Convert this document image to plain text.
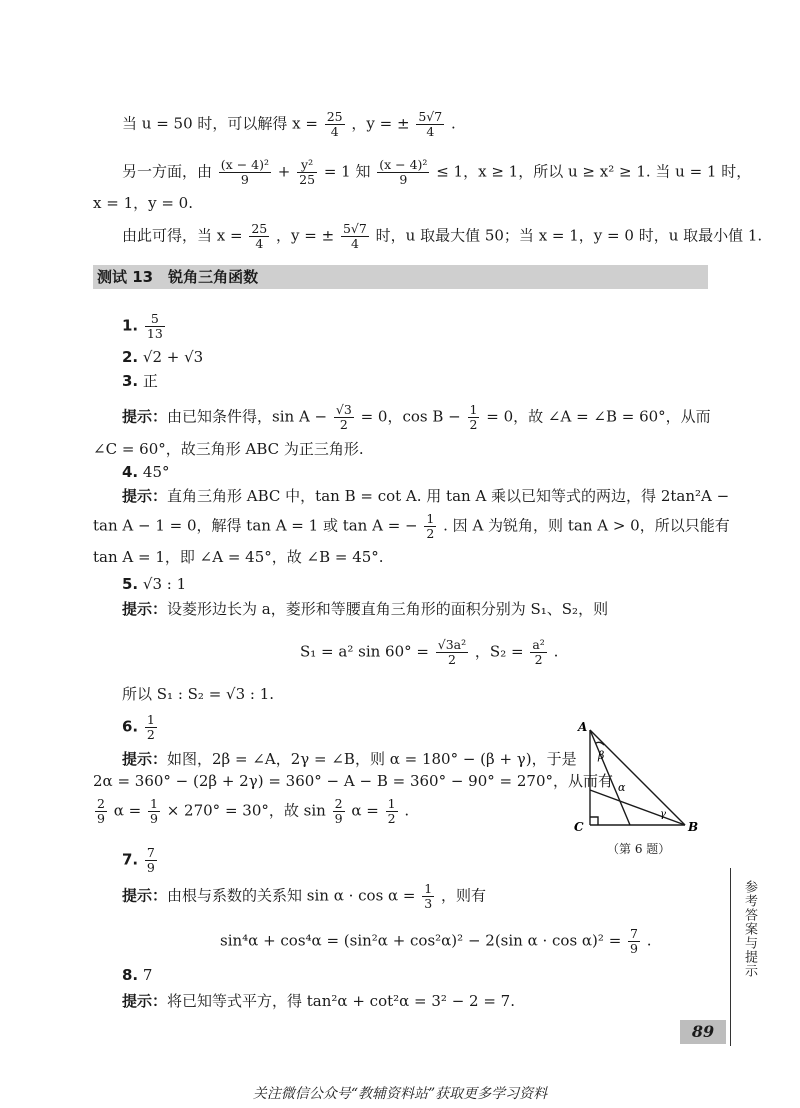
当 u = 50 时，可以解得 $x = \frac{25}{4}$ ，y = ± $\frac{5√7}{4}$ .
另一方面，由 $\frac{\text{(x − 4)²}}{9} + \frac{\text{y²}}{25} = 1$ 知 $\frac{\text{(x − 4)²}}{9} \le 1$，x ≥ 1，所以 u ≥ x² ≥ 1. 当 u = 1 时，
x = 1，y = 0.
由此可得，当 $x = \frac{25}{4}$ ，y = ± $\frac{5√7}{4}$ 时，u 取最大值 50；当 x = 1，y = 0 时，u 取最小值 1.
测试 13　锐角三角函数
1. $\frac{5}{13}$
2. √2 + √3
3. 正
提示：由已知条件得，$\sin A - \frac{√3}{2} = 0$，$\cos B - \frac{1}{2} = 0$，故 ∠A = ∠B = 60°，从而
∠C = 60°，故三角形 ABC 为正三角形.
4. 45°
提示：直角三角形 ABC 中，tan B = cot A. 用 tan A 乘以已知等式的两边，得 2tan²A −
tan A − 1 = 0，解得 tan A = 1 或 tan A = − $\frac{1}{2}$ . 因 A 为锐角，则 tan A > 0，所以只能有
tan A = 1，即 ∠A = 45°，故 ∠B = 45°.
5. √3 : 1
提示：设菱形边长为 a，菱形和等腰直角三角形的面积分别为 S₁、S₂，则
S₁ = a² $\sin 60^\circ = \frac{\text{√3a²}}{2}$ ，$S_2 = \frac{\text{a²}}{2}$ .
所以 S₁ : S₂ = √3 : 1.
6. $\frac{1}{2}$
提示：如图，2β = ∠A，2γ = ∠B，则 α = 180° − (β + γ)，于是
2α = 360° − (2β + 2γ) = 360° − A − B = 360° − 90° = 270°，从而有
$\frac{2}{9}$ $\alpha = \frac{1}{9} \times 270^\circ = 30^\circ$，故 $\sin \frac{2}{9}$ $\alpha = \frac{1}{2}$ .
A
C	B
β
α
γ
（第 6 题）
7. $\frac{7}{9}$
提示：由根与系数的关系知 $\sin \alpha \cdot \cos \alpha = \frac{1}{3}$ ，则有
sin⁴α + cos⁴α = (sin²α + cos²α)² − 2(sin $\alpha \cdot \cos \alpha)^2 = \frac{7}{9}$ .
8. 7
提示：将已知等式平方，得 tan²α + cot²α = 3² − 2 = 7.
参考答案与提示
89
关注微信公众号“教辅资料站”获取更多学习资料
